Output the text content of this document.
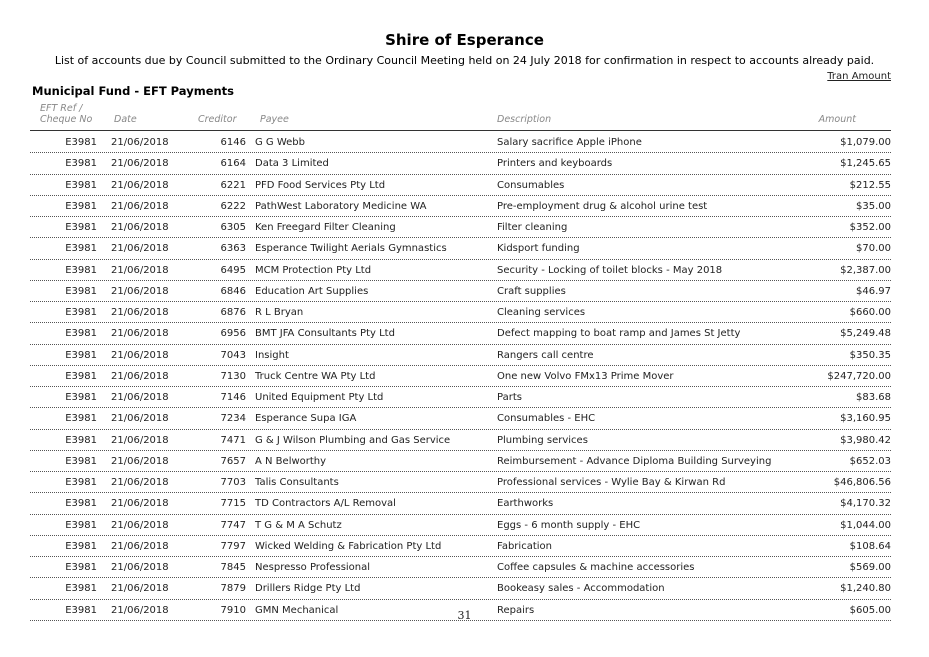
Shire of Esperance
List of accounts due by Council submitted to the Ordinary Council Meeting held on 24 July 2018 for confirmation in respect to accounts already paid.
Tran Amount
Municipal Fund - EFT Payments
EFT Ref /
Cheque No Date	Creditor Payee	Description	Amount
E3981 21/06/2018	6146 G G Webb	Salary sacrifice Apple iPhone	$1,079.00
E3981 21/06/2018	6164 Data 3 Limited	Printers and keyboards	$1,245.65
E3981 21/06/2018	6221 PFD Food Services Pty Ltd	Consumables	$212.55
E3981 21/06/2018	6222 PathWest Laboratory Medicine WA	Pre-employment drug & alcohol urine test	$35.00
E3981 21/06/2018	6305 Ken Freegard Filter Cleaning	Filter cleaning	$352.00
E3981 21/06/2018	6363 Esperance Twilight Aerials Gymnastics	Kidsport funding	$70.00
E3981 21/06/2018	6495 MCM Protection Pty Ltd	Security - Locking of toilet blocks - May 2018	$2,387.00
E3981 21/06/2018	6846 Education Art Supplies	Craft supplies	$46.97
E3981 21/06/2018	6876 R L Bryan	Cleaning services	$660.00
E3981 21/06/2018	6956 BMT JFA Consultants Pty Ltd	Defect mapping to boat ramp and James St Jetty	$5,249.48
E3981 21/06/2018	7043 Insight	Rangers call centre	$350.35
E3981 21/06/2018	7130 Truck Centre WA Pty Ltd	One new Volvo FMx13 Prime Mover	$247,720.00
E3981 21/06/2018	7146 United Equipment Pty Ltd	Parts	$83.68
E3981 21/06/2018	7234 Esperance Supa IGA	Consumables - EHC	$3,160.95
E3981 21/06/2018	7471 G & J Wilson Plumbing and Gas Service	Plumbing services	$3,980.42
E3981 21/06/2018	7657 A N Belworthy	Reimbursement - Advance Diploma Building Surveying	$652.03
E3981 21/06/2018	7703 Talis Consultants	Professional services - Wylie Bay & Kirwan Rd	$46,806.56
E3981 21/06/2018	7715 TD Contractors A/L Removal	Earthworks	$4,170.32
E3981 21/06/2018	7747 T G & M A Schutz	Eggs - 6 month supply - EHC	$1,044.00
E3981 21/06/2018	7797 Wicked Welding & Fabrication Pty Ltd	Fabrication	$108.64
E3981 21/06/2018	7845 Nespresso Professional	Coffee capsules & machine accessories	$569.00
E3981 21/06/2018	7879 Drillers Ridge Pty Ltd	Bookeasy sales - Accommodation	$1,240.80
E3981 21/06/2018	7910 GMN Mechanical	Repairs	$605.00
31
